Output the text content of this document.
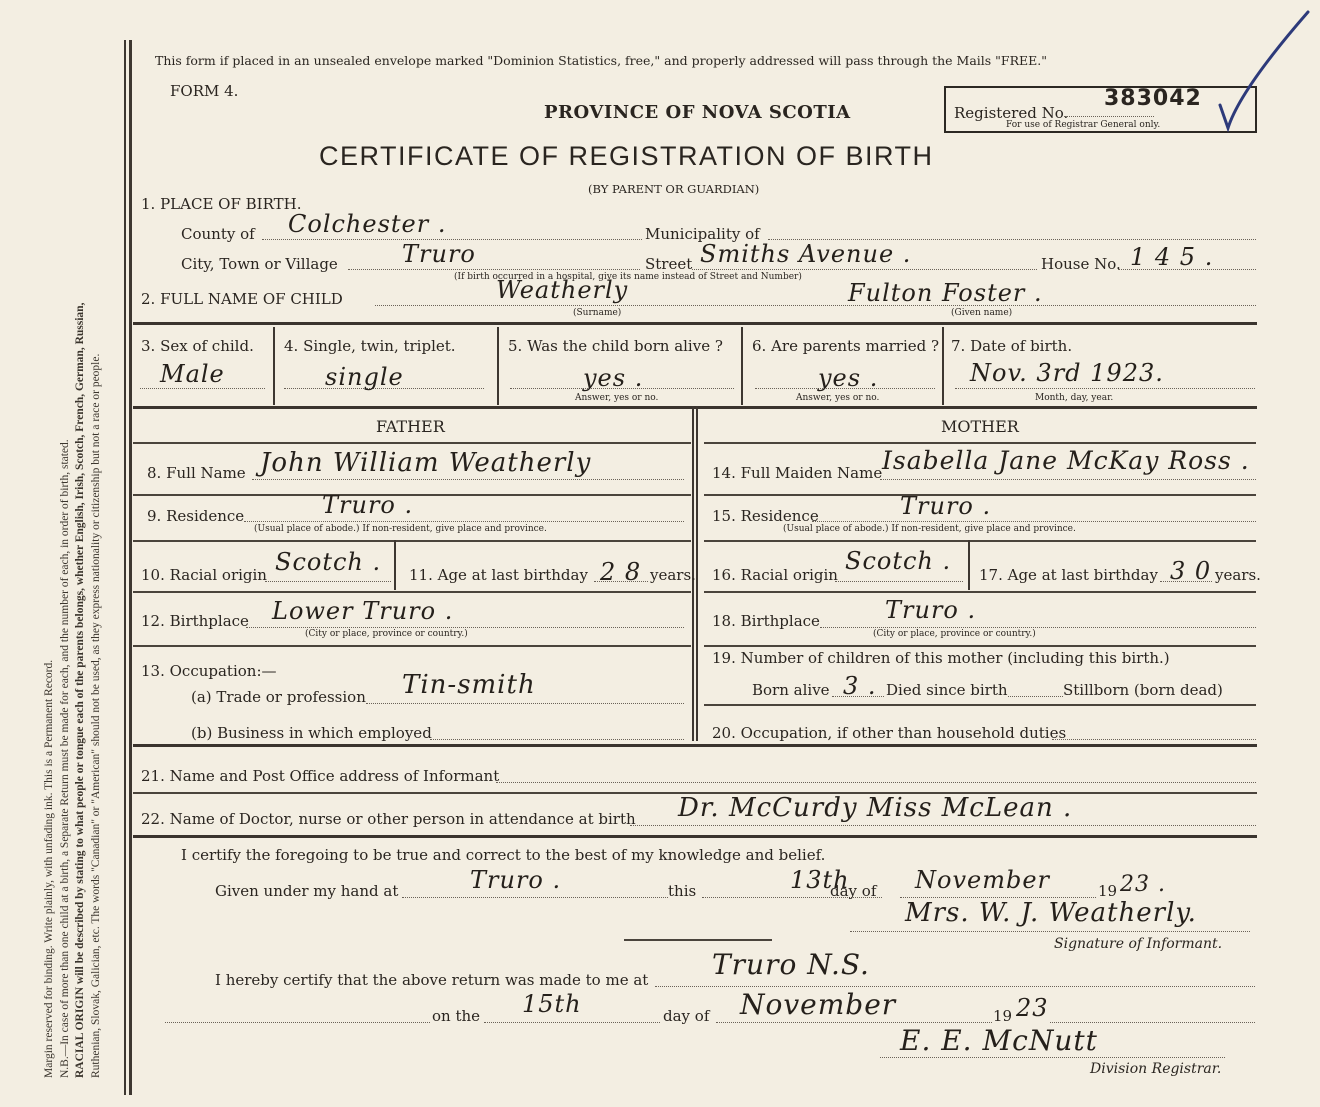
Margin reserved for binding. Write plainly, with unfading ink. This is a Permanent Record. N.B.—In case of more than one child at a birth, a Separate Return must be made for each, and the number of each, in order of birth, stated. RACIAL ORIGIN will be described by stating to what people or tongue each of the parents belongs, whether English, Irish, Scotch, French, German, Russian, Ruthenian, Slovak, Galician, etc. The words "Canadian" or "American" should not be used, as they express nationality or citizenship but not a race or people.
This form if placed in an unsealed envelope marked "Dominion Statistics, free," and properly addressed will pass through the Mails "FREE."
FORM 4.
PROVINCE OF NOVA SCOTIA
CERTIFICATE OF REGISTRATION OF BIRTH
(BY PARENT OR GUARDIAN)
Registered No.
383042
For use of Registrar General only.
1. PLACE OF BIRTH.
County of Colchester .	Municipality of
City, Town or Village	Truro	Street Smiths Avenue .	House No. 1 4 5 .
(If birth occurred in a hospital, give its name instead of Street and Number)
2. FULL NAME OF CHILD	Weatherly
(Surname)
Fulton Foster .
(Given name)
3. Sex of child.
Male
4. Single, twin, triplet.
single
5. Was the child born alive ?
yes .
Answer, yes or no.
6. Are parents married ?
yes .
Answer, yes or no.
7. Date of birth.
Nov. 3rd 1923.
Month, day, year.
FATHER	MOTHER
8. Full Name John William Weatherly
9. Residence	Truro .
(Usual place of abode.) If non-resident, give place and province.
10. Racial origin Scotch . 11. Age at last birthday 2 8 years.
12. Birthplace Lower Truro .
(City or place, province or country.)
13. Occupation:—
(a) Trade or profession Tin-smith
(b) Business in which employed
14. Full Maiden Name Isabella Jane McKay Ross .
15. Residence	Truro .
(Usual place of abode.) If non-resident, give place and province.
16. Racial origin Scotch . 17. Age at last birthday 3 0 years.
18. Birthplace	Truro .
(City or place, province or country.)
19. Number of children of this mother (including this birth.)
Born alive 3 . Died since birth	Stillborn (born dead)
20. Occupation, if other than household duties
21. Name and Post Office address of Informant
22. Name of Doctor, nurse or other person in attendance at birth Dr. McCurdy Miss McLean .
I certify the foregoing to be true and correct to the best of my knowledge and belief.
Given under my hand at	Truro .	this	13th
day of November	19 23 .
Mrs. W. J. Weatherly.
Signature of Informant.
I hereby certify that the above return was made to me at Truro N.S.
on the 15th	day of November	19 23
E. E. McNutt
Division Registrar.
